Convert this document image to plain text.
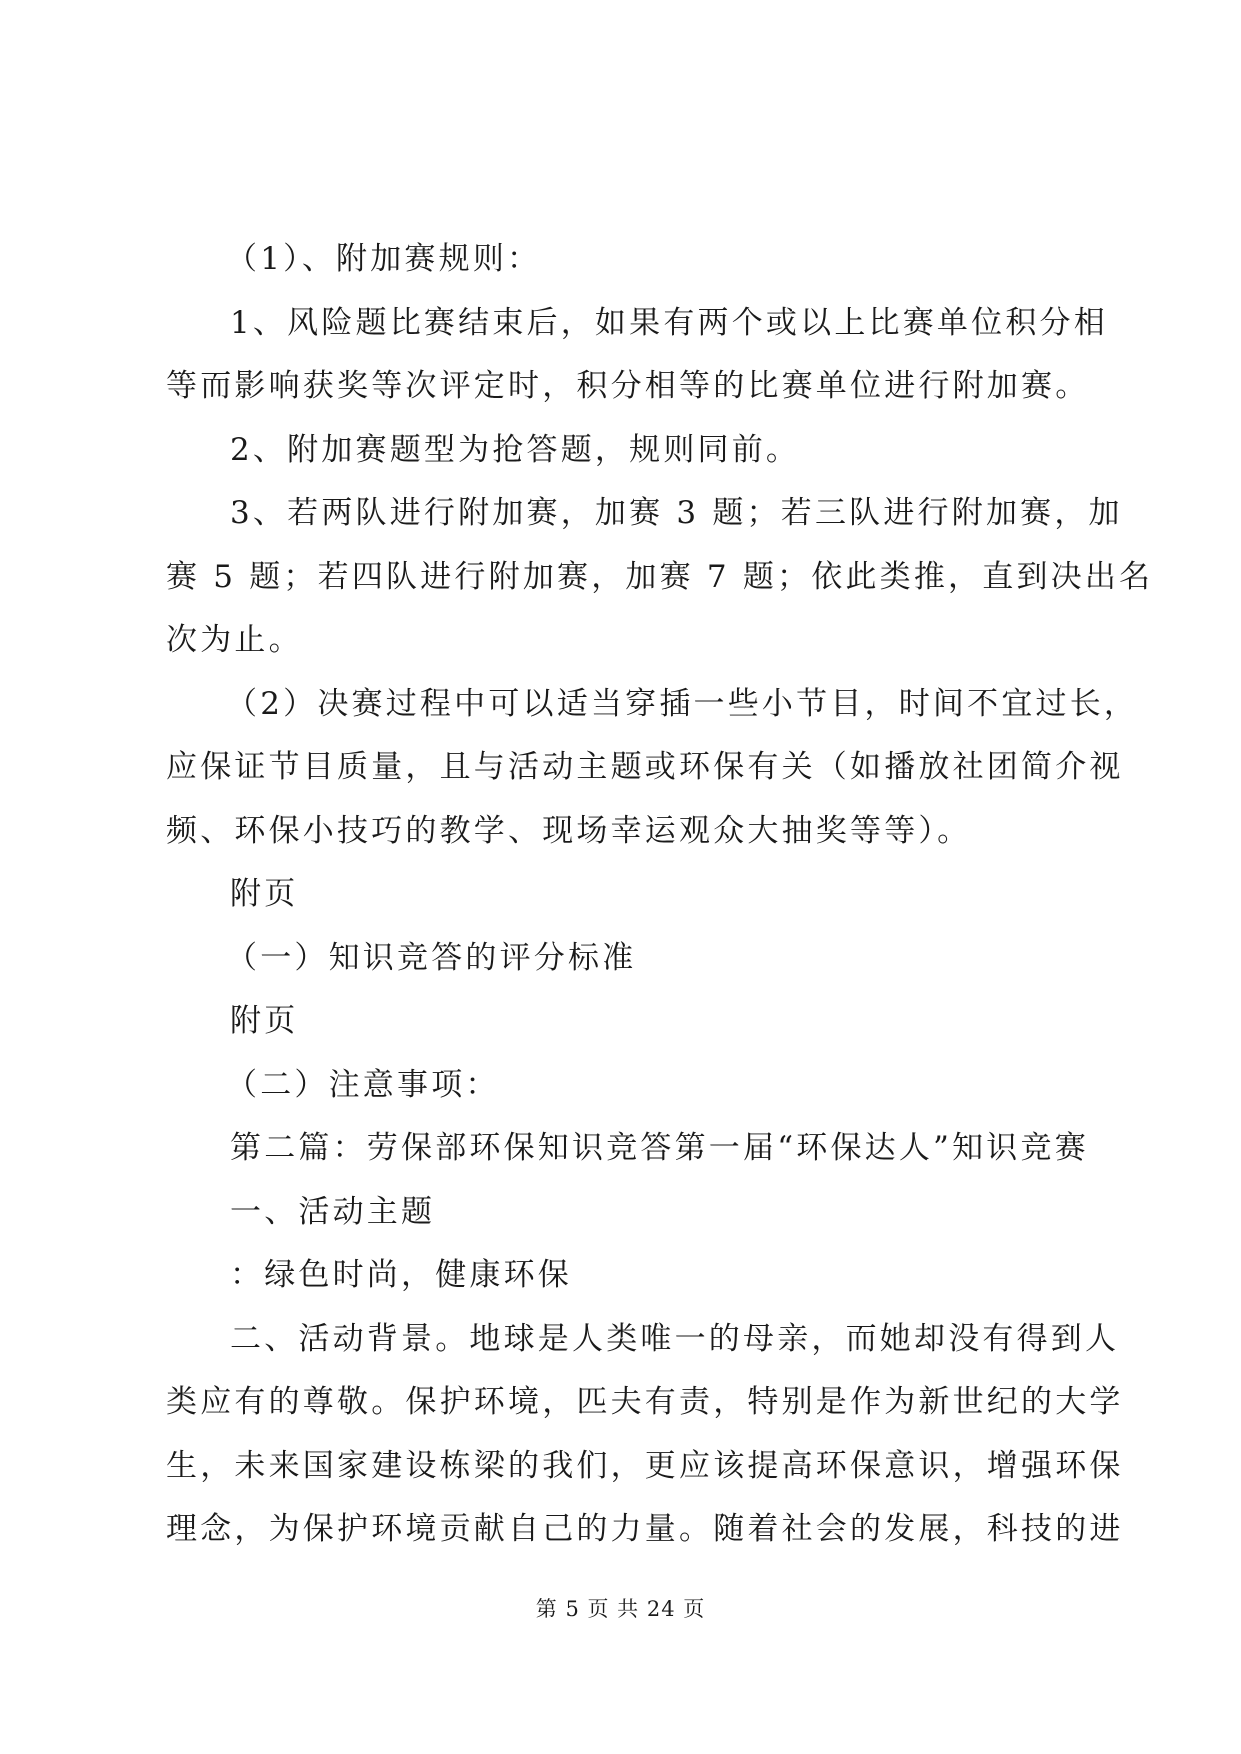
（1）、附加赛规则：
1、风险题比赛结束后，如果有两个或以上比赛单位积分相
等而影响获奖等次评定时，积分相等的比赛单位进行附加赛。
2、附加赛题型为抢答题，规则同前。
3、若两队进行附加赛，加赛 3 题；若三队进行附加赛，加
赛 5 题；若四队进行附加赛，加赛 7 题；依此类推，直到决出名
次为止。
（2）决赛过程中可以适当穿插一些小节目，时间不宜过长，
应保证节目质量，且与活动主题或环保有关（如播放社团简介视
频、环保小技巧的教学、现场幸运观众大抽奖等等）。
附页
（一）知识竞答的评分标准
附页
（二）注意事项：
第二篇：劳保部环保知识竞答第一届“环保达人”知识竞赛
一、活动主题
：绿色时尚，健康环保
二、活动背景。地球是人类唯一的母亲，而她却没有得到人
类应有的尊敬。保护环境，匹夫有责，特别是作为新世纪的大学
生，未来国家建设栋梁的我们，更应该提高环保意识，增强环保
理念，为保护环境贡献自己的力量。随着社会的发展，科技的进
第 5 页 共 24 页
